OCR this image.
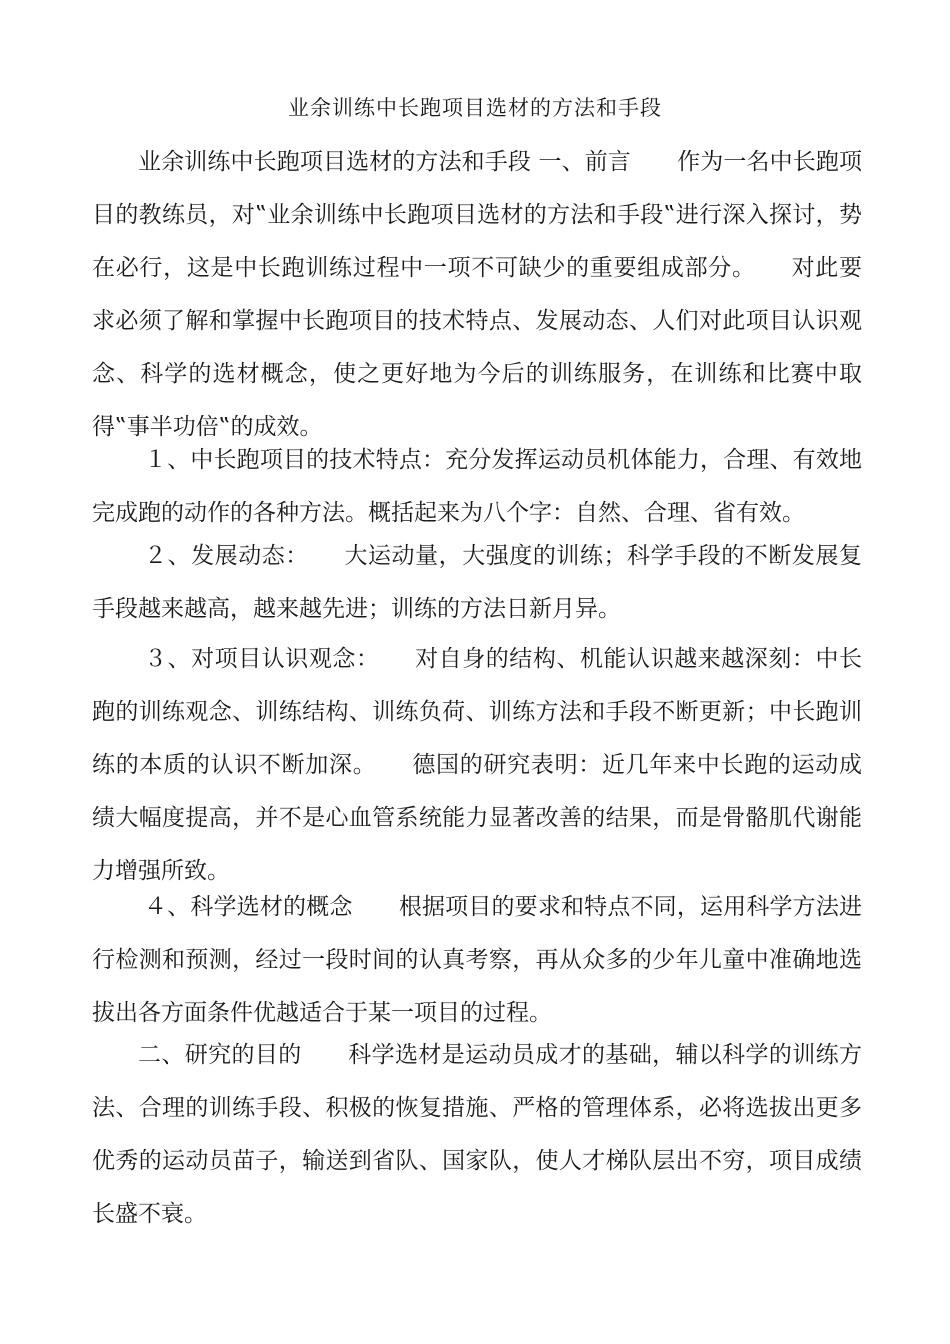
业余训练中长跑项目选材的方法和手段
业余训练中长跑项目选材的方法和手段 一、前言　　作为一名中长跑项目的教练员，对‟业余训练中长跑项目选材的方法和手段‟进行深入探讨，势在必行，这是中长跑训练过程中一项不可缺少的重要组成部分。　　对此要求必须了解和掌握中长跑项目的技术特点、发展动态、人们对此项目认识观念、科学的选材概念，使之更好地为今后的训练服务，在训练和比赛中取得‟事半功倍‟的成效。
１、中长跑项目的技术特点：充分发挥运动员机体能力，合理、有效地完成跑的动作的各种方法。概括起来为八个字：自然、合理、省有效。
２、发展动态：　　大运动量，大强度的训练；科学手段的不断发展复手段越来越高，越来越先进；训练的方法日新月异。
３、对项目认识观念：　　对自身的结构、机能认识越来越深刻：中长跑的训练观念、训练结构、训练负荷、训练方法和手段不断更新；中长跑训练的本质的认识不断加深。　　德国的研究表明：近几年来中长跑的运动成绩大幅度提高，并不是心血管系统能力显著改善的结果，而是骨骼肌代谢能力增强所致。
４、科学选材的概念　　根据项目的要求和特点不同，运用科学方法进行检测和预测，经过一段时间的认真考察，再从众多的少年儿童中准确地选拔出各方面条件优越适合于某一项目的过程。
二、研究的目的　　科学选材是运动员成才的基础，辅以科学的训练方法、合理的训练手段、积极的恢复措施、严格的管理体系，必将选拔出更多优秀的运动员苗子，输送到省队、国家队，使人才梯队层出不穷，项目成绩长盛不衰。
